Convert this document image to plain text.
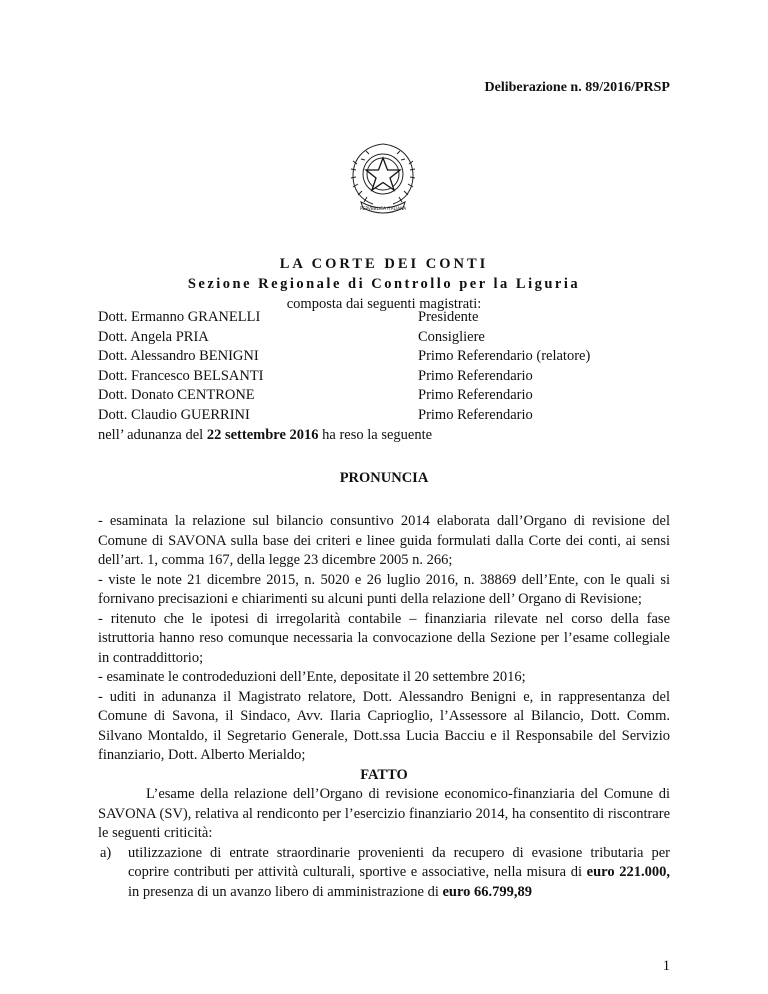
Deliberazione n. 89/2016/PRSP
REPVBBLICA ITALIANA
LA CORTE DEI CONTI
Sezione Regionale di Controllo per la Liguria
composta dai seguenti magistrati:
Dott. Ermanno GRANELLI	Presidente
Dott. Angela PRIA	Consigliere
Dott. Alessandro BENIGNI	Primo Referendario (relatore)
Dott. Francesco BELSANTI	Primo Referendario
Dott. Donato CENTRONE	Primo Referendario
Dott. Claudio GUERRINI	Primo Referendario
nell’ adunanza del 22 settembre 2016 ha reso la seguente
PRONUNCIA

- esaminata la relazione sul bilancio consuntivo 2014 elaborata dall’Organo di revisione del Comune di SAVONA sulla base dei criteri e linee guida formulati dalla Corte dei conti, ai sensi dell’art. 1, comma 167, della legge 23 dicembre 2005 n. 266;

- viste le note 21 dicembre 2015, n. 5020 e 26 luglio 2016, n. 38869 dell’Ente, con le quali si fornivano precisazioni e chiarimenti su alcuni punti della relazione dell’ Organo di Revisione;

- ritenuto che le ipotesi di irregolarità contabile – finanziaria rilevate nel corso della fase istruttoria hanno reso comunque necessaria la convocazione della Sezione per l’esame collegiale in contraddittorio;

- esaminate le controdeduzioni dell’Ente, depositate il 20 settembre 2016;

- uditi in adunanza il Magistrato relatore, Dott. Alessandro Benigni e, in rappresentanza del Comune di Savona, il Sindaco, Avv. Ilaria Caprioglio, l’Assessore al Bilancio, Dott. Comm. Silvano Montaldo, il Segretario Generale, Dott.ssa Lucia Bacciu e il Responsabile del Servizio finanziario, Dott. Alberto Merialdo;

FATTO

L’esame della relazione dell’Organo di revisione economico-finanziaria del Comune di SAVONA (SV), relativa al rendiconto per l’esercizio finanziario 2014, ha consentito di riscontrare le seguenti criticità:

a)	utilizzazione di entrate straordinarie provenienti da recupero di evasione tributaria per coprire contributi per attività culturali, sportive e associative, nella misura di euro 221.000, in presenza di un avanzo libero di amministrazione di euro 66.799,89
1
